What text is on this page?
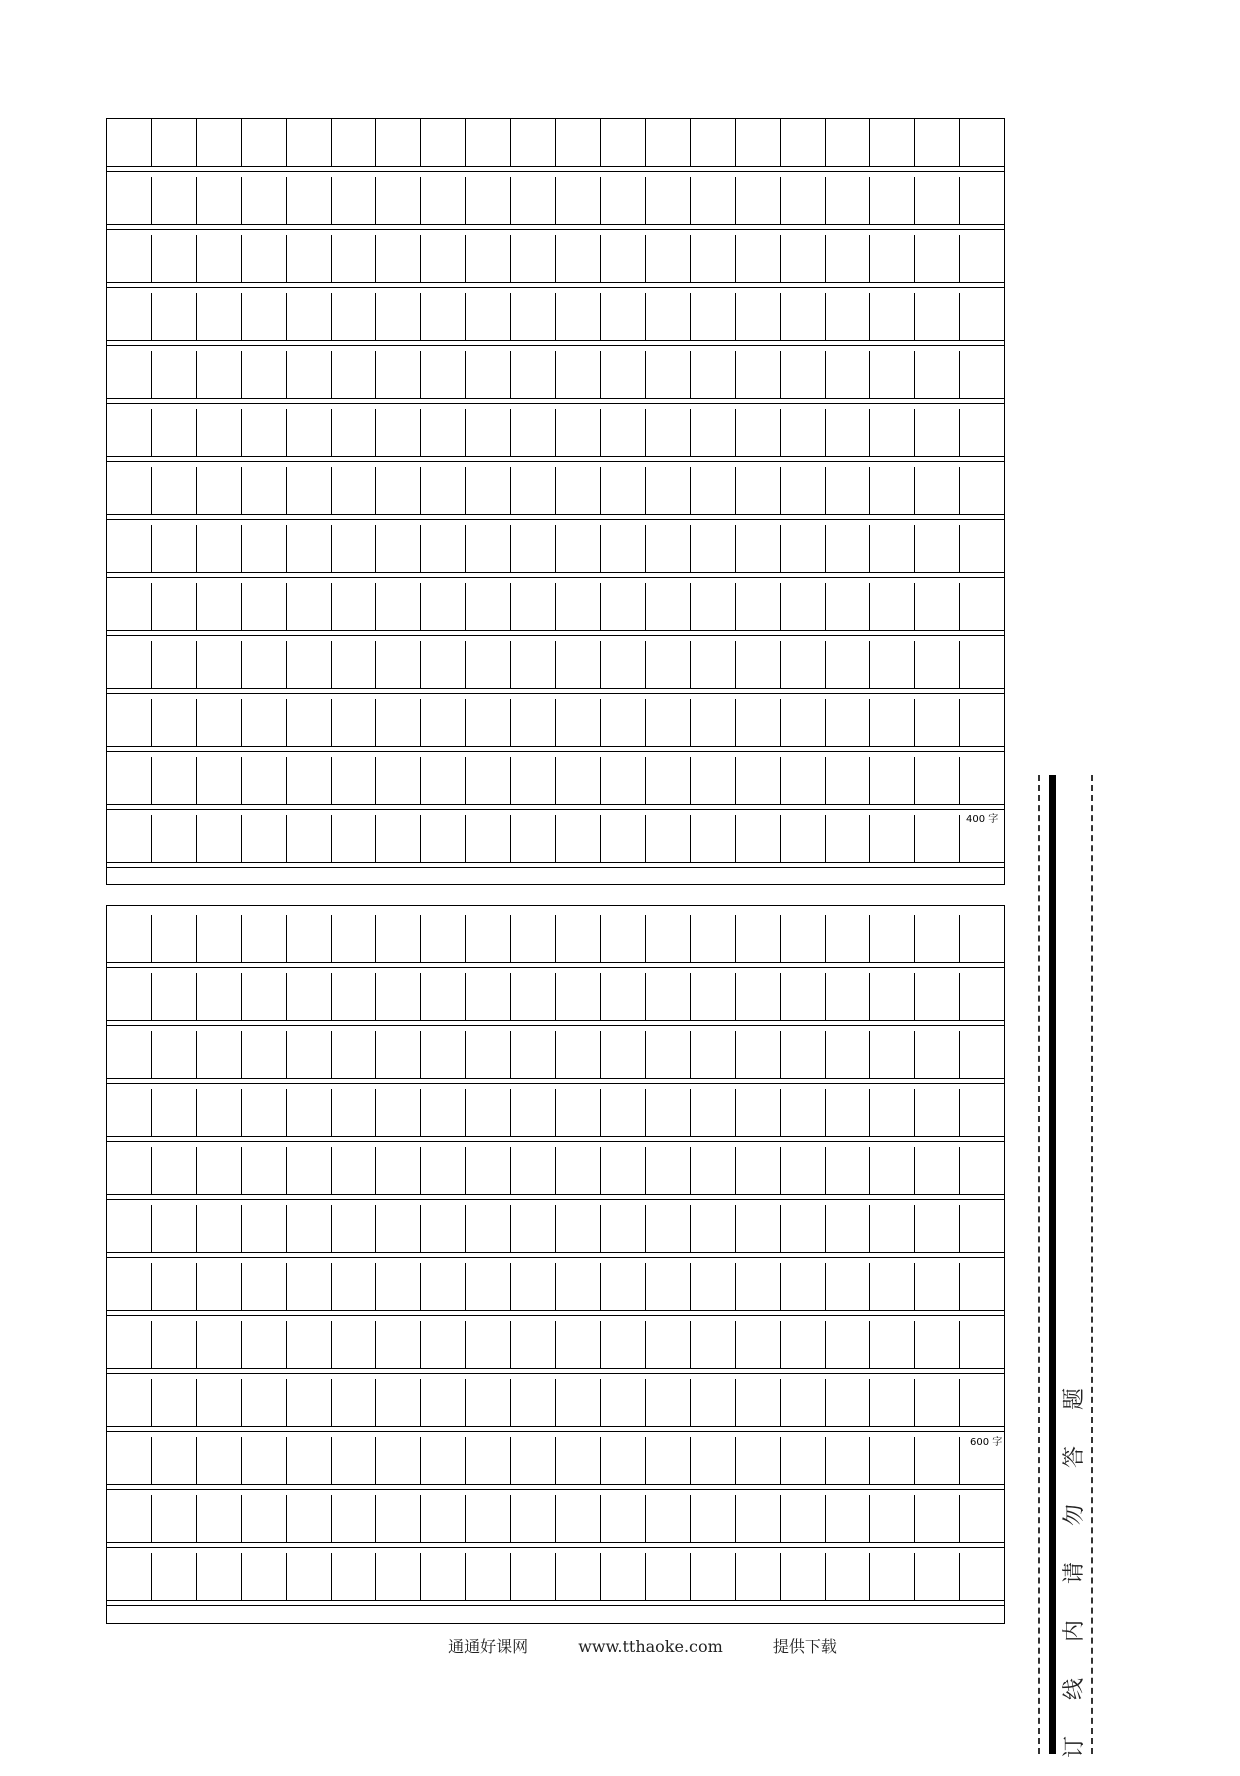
400 字
600 字
通通好课网	www.tthaoke.com	提供下载
题
答
勿
请
内
线
订
